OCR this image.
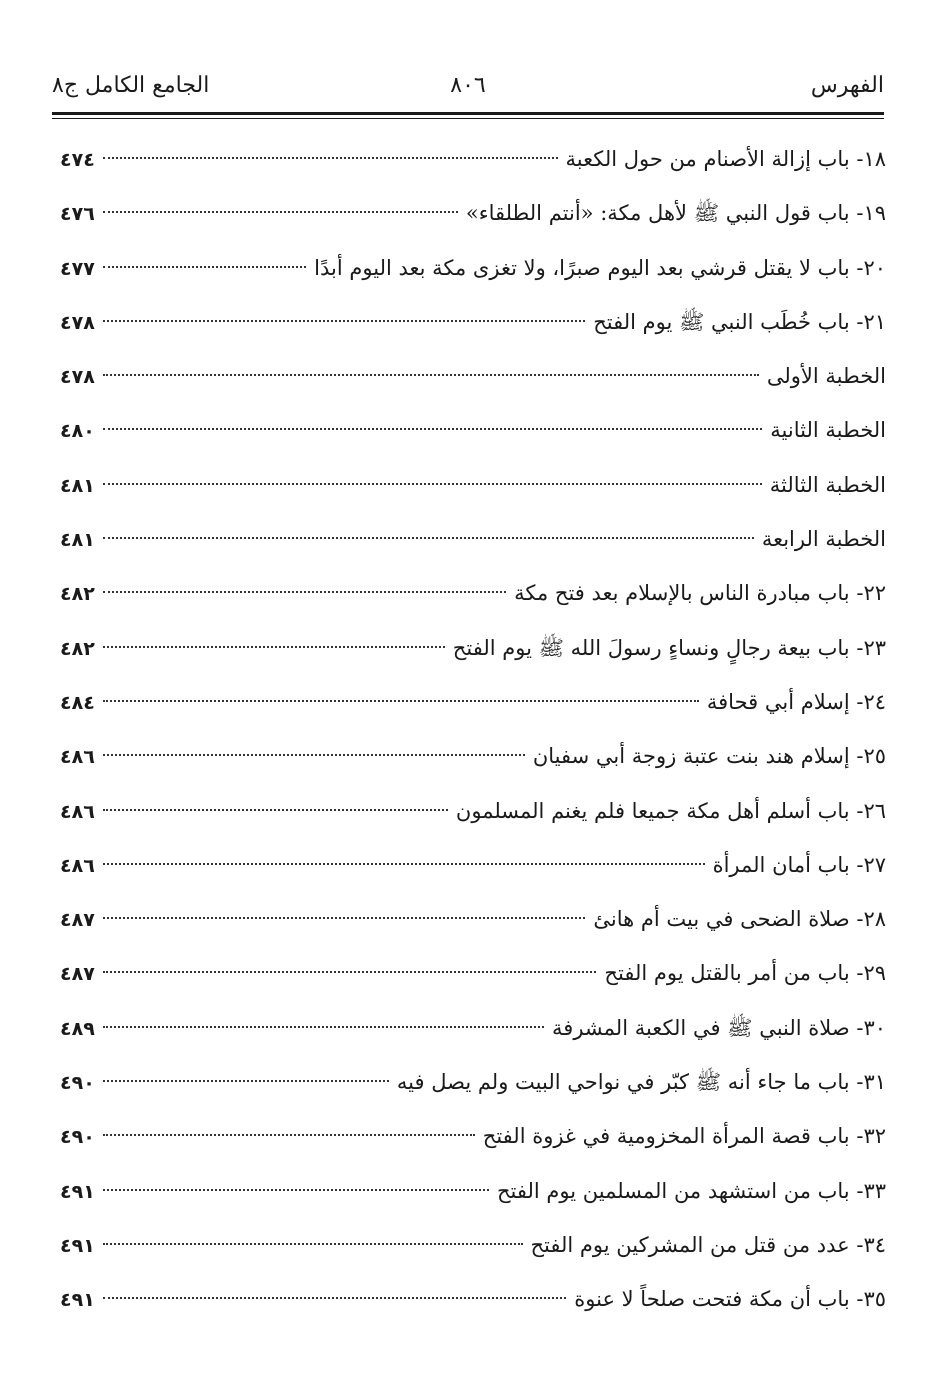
الفهرس
٨٠٦
الجامع الكامل ج٨
١٨- باب إزالة الأصنام من حول الكعبة
٤٧٤
١٩- باب قول النبي ﷺ لأهل مكة: «أنتم الطلقاء»
٤٧٦
٢٠- باب لا يقتل قرشي بعد اليوم صبرًا، ولا تغزى مكة بعد اليوم أبدًا
٤٧٧
٢١- باب خُطَب النبي ﷺ يوم الفتح
٤٧٨
الخطبة الأولى
٤٧٨
الخطبة الثانية
٤٨٠
الخطبة الثالثة
٤٨١
الخطبة الرابعة
٤٨١
٢٢- باب مبادرة الناس بالإسلام بعد فتح مكة
٤٨٢
٢٣- باب بيعة رجالٍ ونساءٍ رسولَ الله ﷺ يوم الفتح
٤٨٢
٢٤- إسلام أبي قحافة
٤٨٤
٢٥- إسلام هند بنت عتبة زوجة أبي سفيان
٤٨٦
٢٦- باب أسلم أهل مكة جميعا فلم يغنم المسلمون
٤٨٦
٢٧- باب أمان المرأة
٤٨٦
٢٨- صلاة الضحى في بيت أم هانئ
٤٨٧
٢٩- باب من أمر بالقتل يوم الفتح
٤٨٧
٣٠- صلاة النبي ﷺ في الكعبة المشرفة
٤٨٩
٣١- باب ما جاء أنه ﷺ كبّر في نواحي البيت ولم يصل فيه
٤٩٠
٣٢- باب قصة المرأة المخزومية في غزوة الفتح
٤٩٠
٣٣- باب من استشهد من المسلمين يوم الفتح
٤٩١
٣٤- عدد من قتل من المشركين يوم الفتح
٤٩١
٣٥- باب أن مكة فتحت صلحاً لا عنوة
٤٩١
